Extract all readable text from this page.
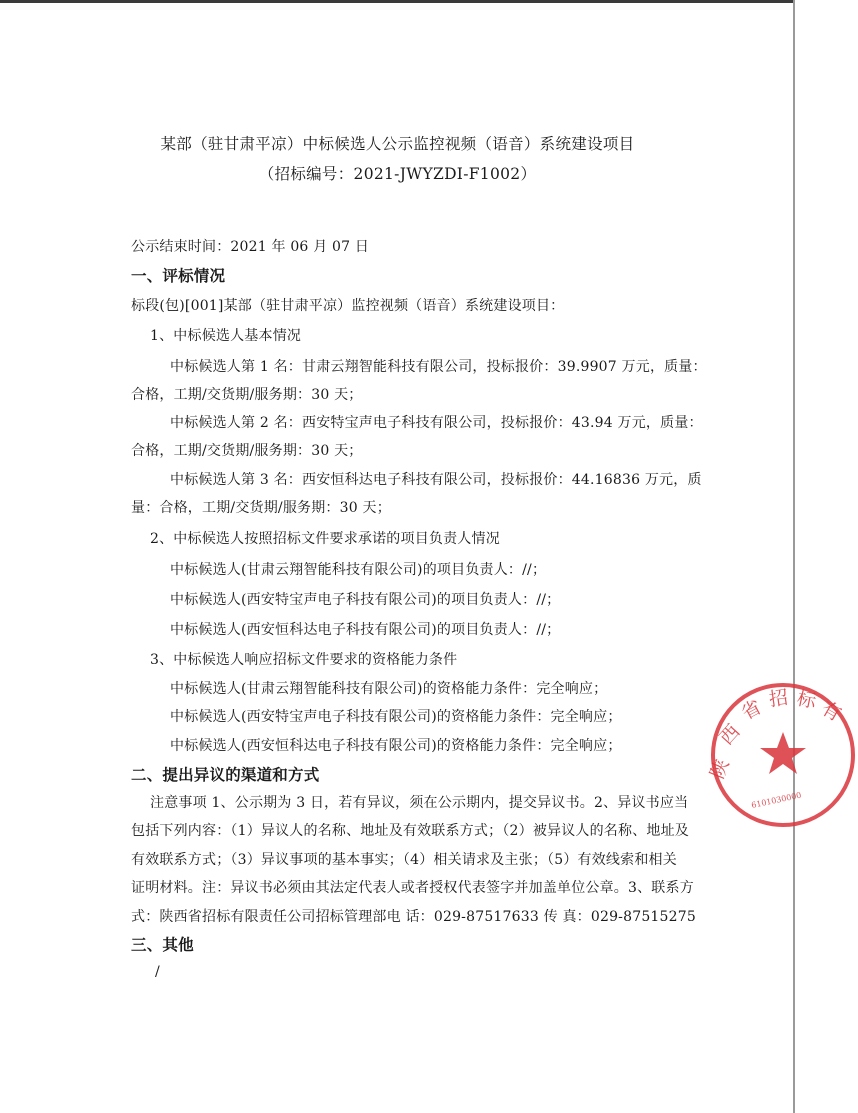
某部（驻甘肃平凉）中标候选人公示监控视频（语音）系统建设项目
（招标编号：2021-JWYZDI-F1002）
公示结束时间：2021 年 06 月 07 日
一、评标情况
标段(包)[001]某部（驻甘肃平凉）监控视频（语音）系统建设项目：
1、中标候选人基本情况
中标候选人第 1 名：甘肃云翔智能科技有限公司，投标报价：39.9907 万元，质量：
合格，工期/交货期/服务期：30 天；
中标候选人第 2 名：西安特宝声电子科技有限公司，投标报价：43.94 万元，质量：
合格，工期/交货期/服务期：30 天；
中标候选人第 3 名：西安恒科达电子科技有限公司，投标报价：44.16836 万元，质
量：合格，工期/交货期/服务期：30 天；
2、中标候选人按照招标文件要求承诺的项目负责人情况
中标候选人(甘肃云翔智能科技有限公司)的项目负责人：//；
中标候选人(西安特宝声电子科技有限公司)的项目负责人：//；
中标候选人(西安恒科达电子科技有限公司)的项目负责人：//；
3、中标候选人响应招标文件要求的资格能力条件
中标候选人(甘肃云翔智能科技有限公司)的资格能力条件：完全响应；
中标候选人(西安特宝声电子科技有限公司)的资格能力条件：完全响应；
中标候选人(西安恒科达电子科技有限公司)的资格能力条件：完全响应；
二、提出异议的渠道和方式
注意事项 1、公示期为 3 日，若有异议，须在公示期内，提交异议书。2、异议书应当
包括下列内容：（1）异议人的名称、地址及有效联系方式；（2）被异议人的名称、地址及
有效联系方式；（3）异议事项的基本事实；（4）相关请求及主张；（5）有效线索和相关
证明材料。注：异议书必须由其法定代表人或者授权代表签字并加盖单位公章。3、联系方
式：陕西省招标有限责任公司招标管理部电 话：029-87517633 传 真：029-87515275
三、其他
/
陕
西
省 招 标 有
6101030000
